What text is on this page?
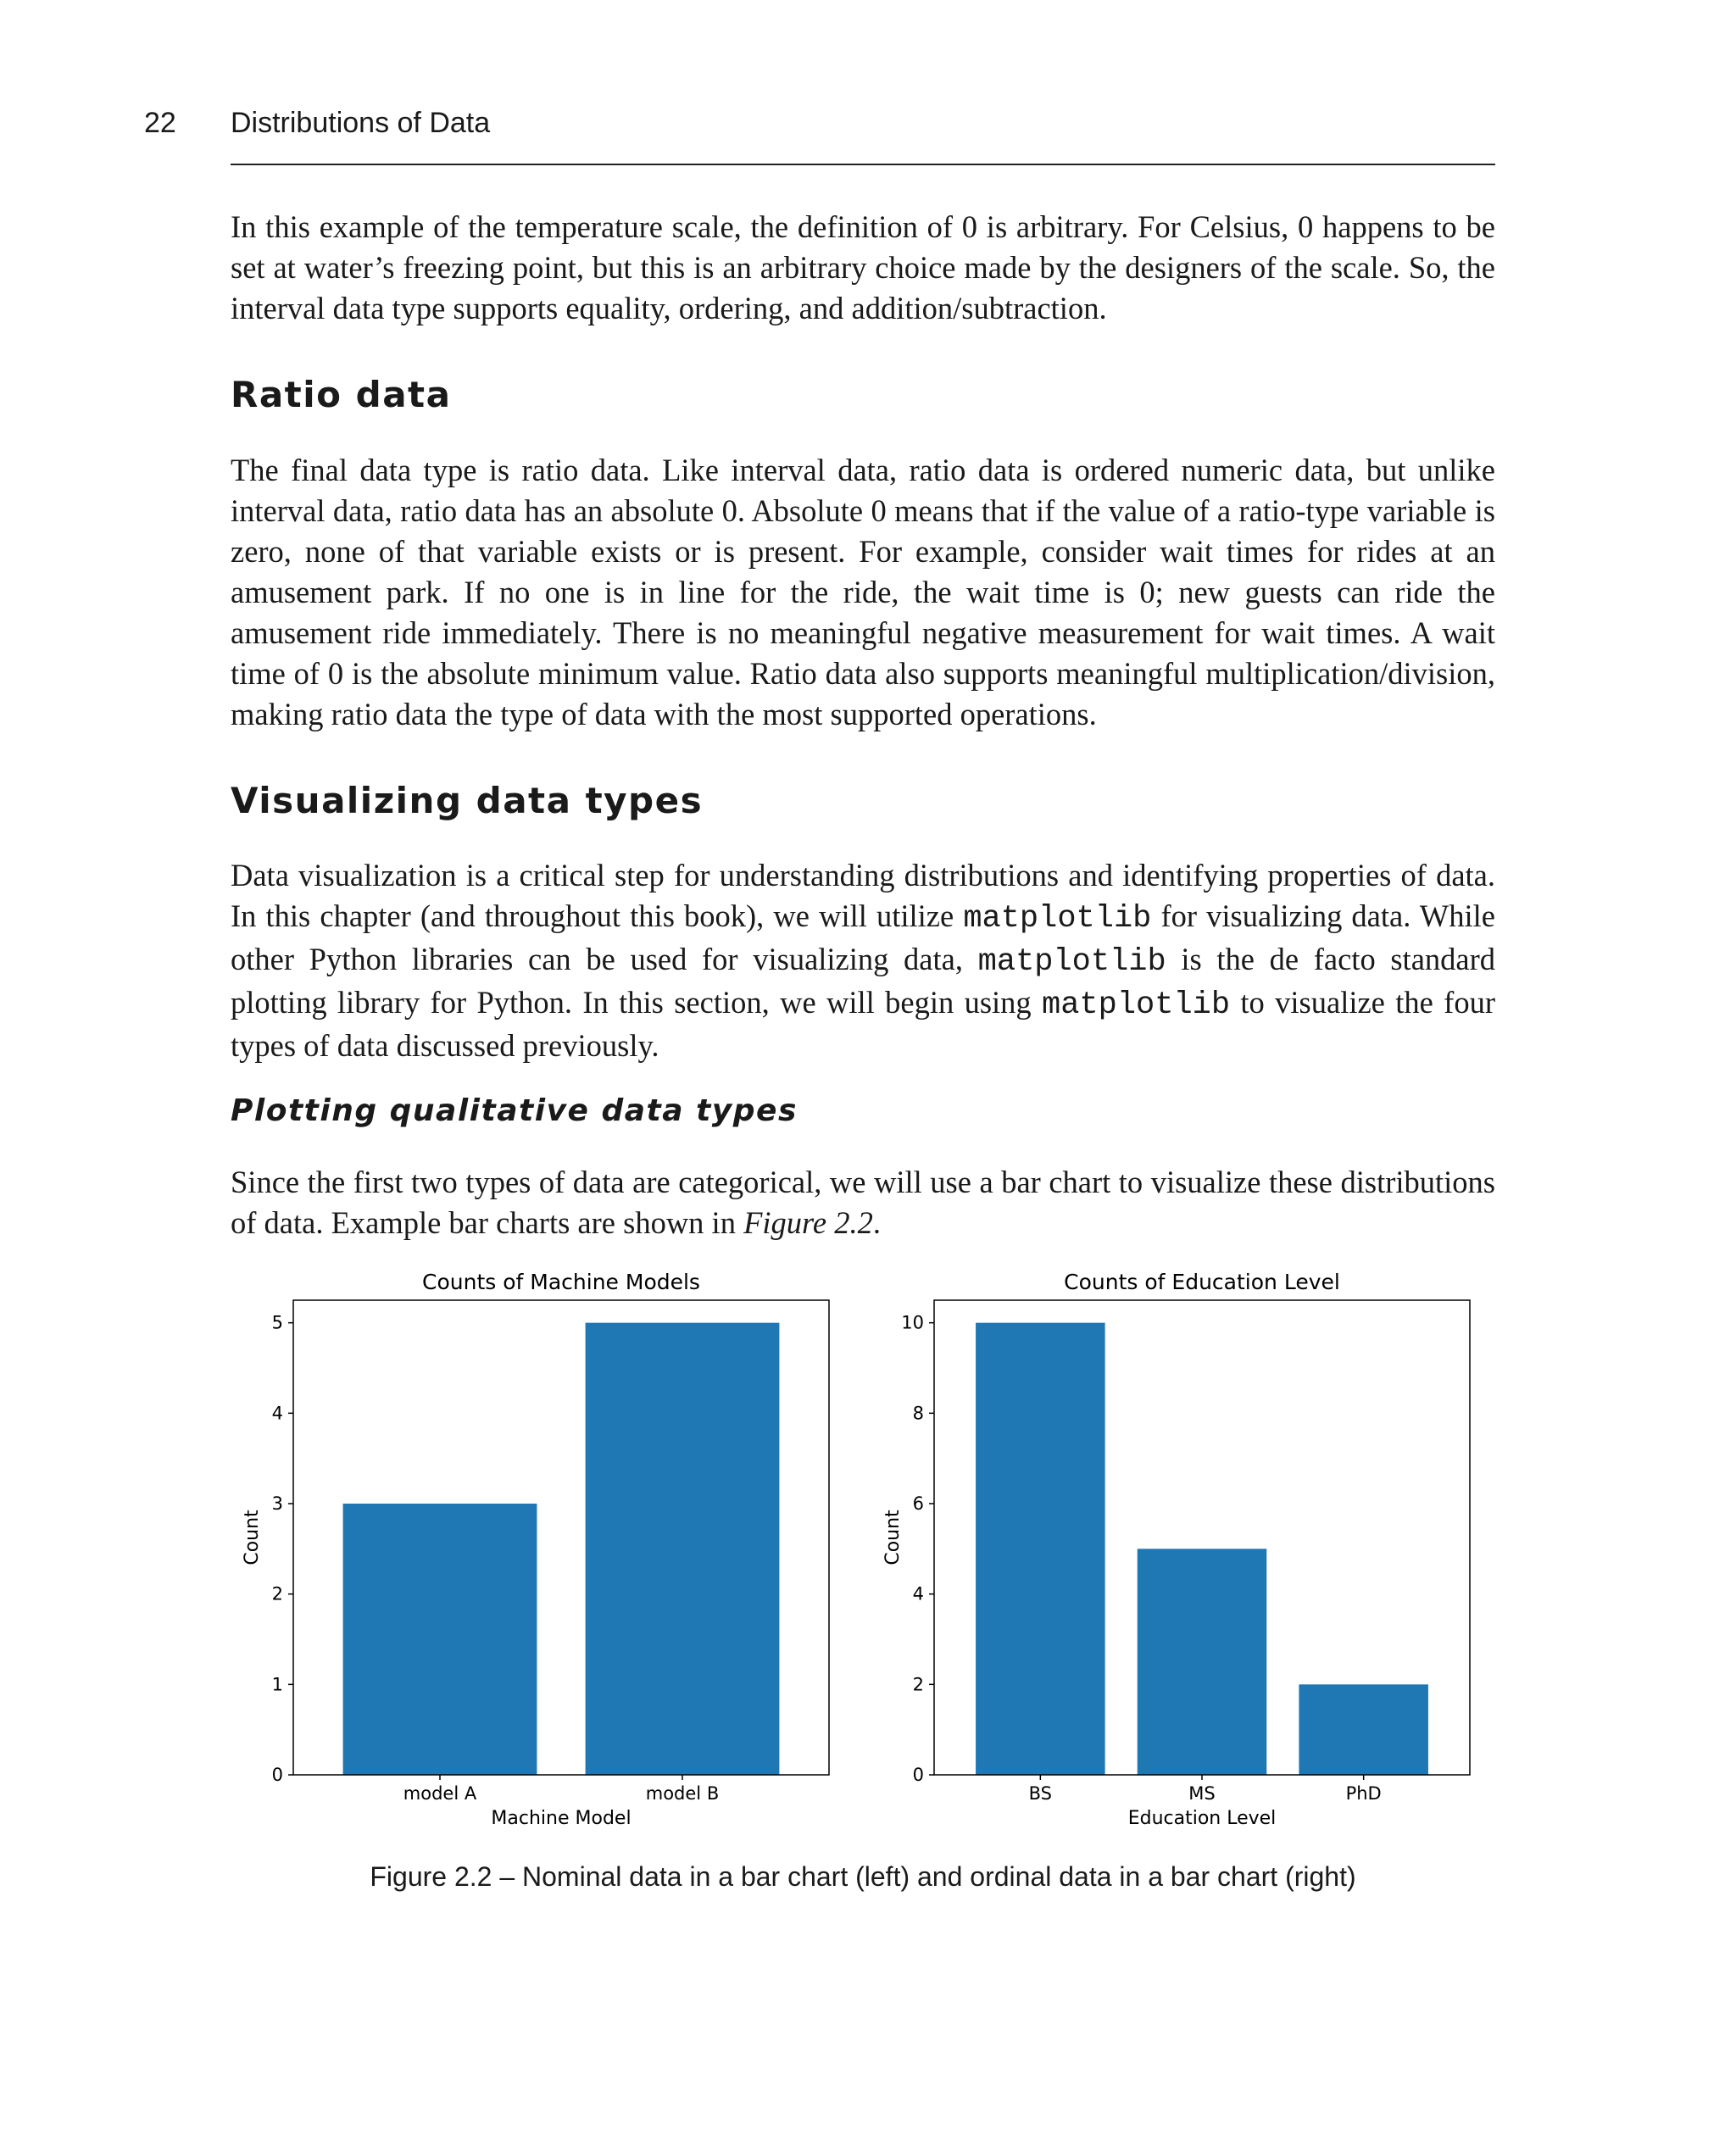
22 Distributions of Data

In this example of the temperature scale, the definition of 0 is arbitrary. For Celsius, 0 happens to be set at water’s freezing point, but this is an arbitrary choice made by the designers of the scale. So, the interval data type supports equality, ordering, and addition/subtraction.

Ratio data

The final data type is ratio data. Like interval data, ratio data is ordered numeric data, but unlike interval data, ratio data has an absolute 0. Absolute 0 means that if the value of a ratio-type variable is zero, none of that variable exists or is present. For example, consider wait times for rides at an amusement park. If no one is in line for the ride, the wait time is 0; new guests can ride the amusement ride immediately. There is no meaningful negative measurement for wait times. A wait time of 0 is the absolute minimum value. Ratio data also supports meaningful multiplication/division, making ratio data the type of data with the most supported operations.

Visualizing data types

Data visualization is a critical step for understanding distributions and identifying properties of data. In this chapter (and throughout this book), we will utilize matplotlib for visualizing data. While other Python libraries can be used for visualizing data, matplotlib is the de facto standard plotting library for Python. In this section, we will begin using matplotlib to visualize the four types of data discussed previously.

Plotting qualitative data types

Since the first two types of data are categorical, we will use a bar chart to visualize these distributions of data. Example bar charts are shown in Figure 2.2.

Counts of Machine Models
model A	model B
0
1
2
3
4
5
Machine Model
Count
Counts of Education Level
BS	MS	PhD
0
2
4
6
8
10
Education Level
Count

Figure 2.2 – Nominal data in a bar chart (left) and ordinal data in a bar chart (right)
